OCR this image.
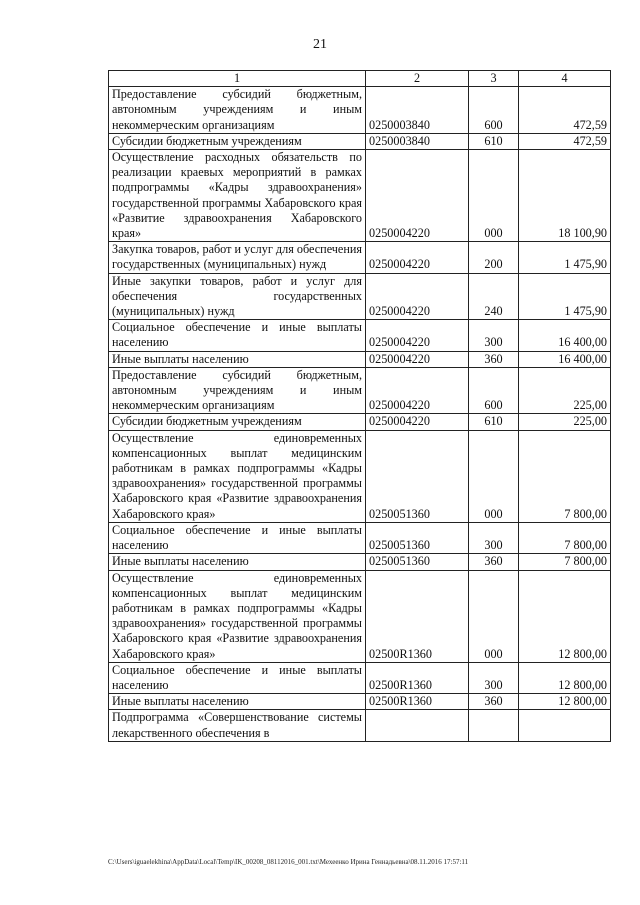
21
1	2	3	4
Предоставление субсидий бюджетным, автономным учреждениям и иным некоммерческим организациям	0250003840	600	472,59
Субсидии бюджетным учреждениям	0250003840	610	472,59
Осуществление расходных обязательств по реализации краевых мероприятий в рамках подпрограммы «Кадры здравоохранения» государственной программы Хабаровского края «Развитие здравоохранения Хабаровского края»	0250004220	000	18 100,90
Закупка товаров, работ и услуг для обеспечения государственных (муниципальных) нужд	0250004220	200	1 475,90
Иные закупки товаров, работ и услуг для обеспечения государственных (муниципальных) нужд	0250004220	240	1 475,90
Социальное обеспечение и иные выплаты населению	0250004220	300	16 400,00
Иные выплаты населению	0250004220	360	16 400,00
Предоставление субсидий бюджетным, автономным учреждениям и иным некоммерческим организациям	0250004220	600	225,00
Субсидии бюджетным учреждениям	0250004220	610	225,00
Осуществление единовременных компенсационных выплат медицинским работникам в рамках подпрограммы «Кадры здравоохранения» государственной программы Хабаровского края «Развитие здравоохранения Хабаровского края»	0250051360	000	7 800,00
Социальное обеспечение и иные выплаты населению	0250051360	300	7 800,00
Иные выплаты населению	0250051360	360	7 800,00
Осуществление единовременных компенсационных выплат медицинским работникам в рамках подпрограммы «Кадры здравоохранения» государственной программы Хабаровского края «Развитие здравоохранения Хабаровского края»	02500R1360	000	12 800,00
Социальное обеспечение и иные выплаты населению	02500R1360	300	12 800,00
Иные выплаты населению	02500R1360	360	12 800,00
Подпрограмма «Совершенствование системы лекарственного обеспечения в			
C:\Users\iguaelekhina\AppData\Local\Temp\IK_00208_08112016_001.txt\Мехеенко Ирина Геннадьевна\08.11.2016 17:57:11
